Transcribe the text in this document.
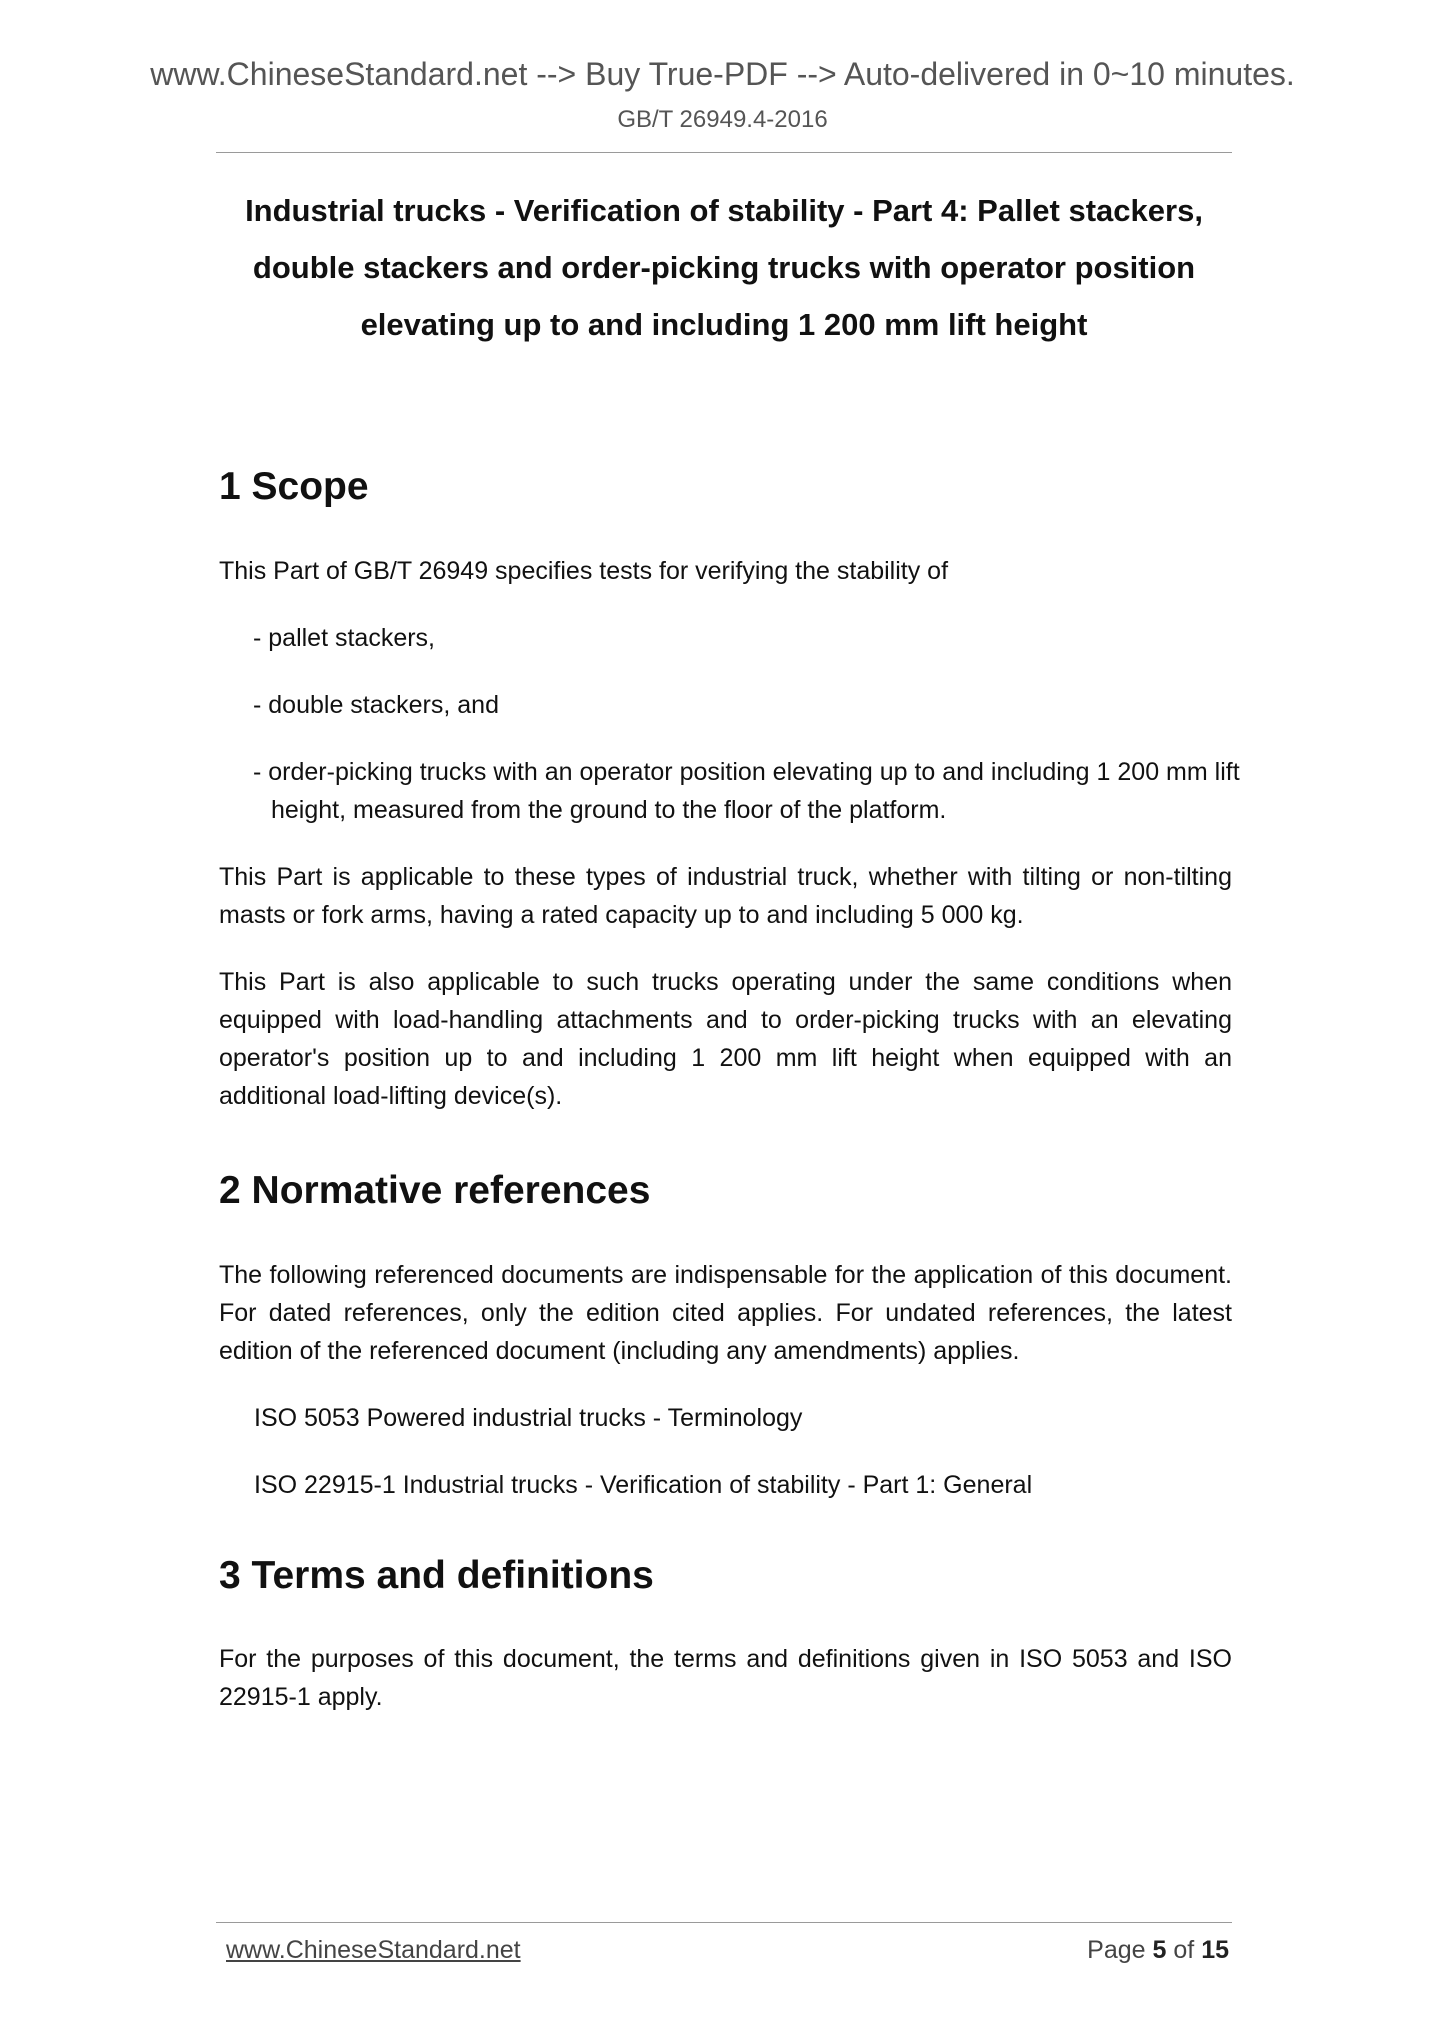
www.ChineseStandard.net --> Buy True-PDF --> Auto-delivered in 0~10 minutes.
GB/T 26949.4-2016
Industrial trucks - Verification of stability - Part 4: Pallet stackers,
double stackers and order-picking trucks with operator position
elevating up to and including 1 200 mm lift height
1 Scope

This Part of GB/T 26949 specifies tests for verifying the stability of

- pallet stackers,

- double stackers, and

- order-picking trucks with an operator position elevating up to and including 1 200 mm lift height, measured from the ground to the floor of the platform.

This Part is applicable to these types of industrial truck, whether with tilting or non-tilting masts or fork arms, having a rated capacity up to and including 5 000 kg.

This Part is also applicable to such trucks operating under the same conditions when equipped with load-handling attachments and to order-picking trucks with an elevating operator's position up to and including 1 200 mm lift height when equipped with an additional load-lifting device(s).

2 Normative references

The following referenced documents are indispensable for the application of this document. For dated references, only the edition cited applies. For undated references, the latest edition of the referenced document (including any amendments) applies.

ISO 5053 Powered industrial trucks - Terminology

ISO 22915-1 Industrial trucks - Verification of stability - Part 1: General

3 Terms and definitions

For the purposes of this document, the terms and definitions given in ISO 5053 and ISO 22915-1 apply.

www.ChineseStandard.net	Page 5 of 15
